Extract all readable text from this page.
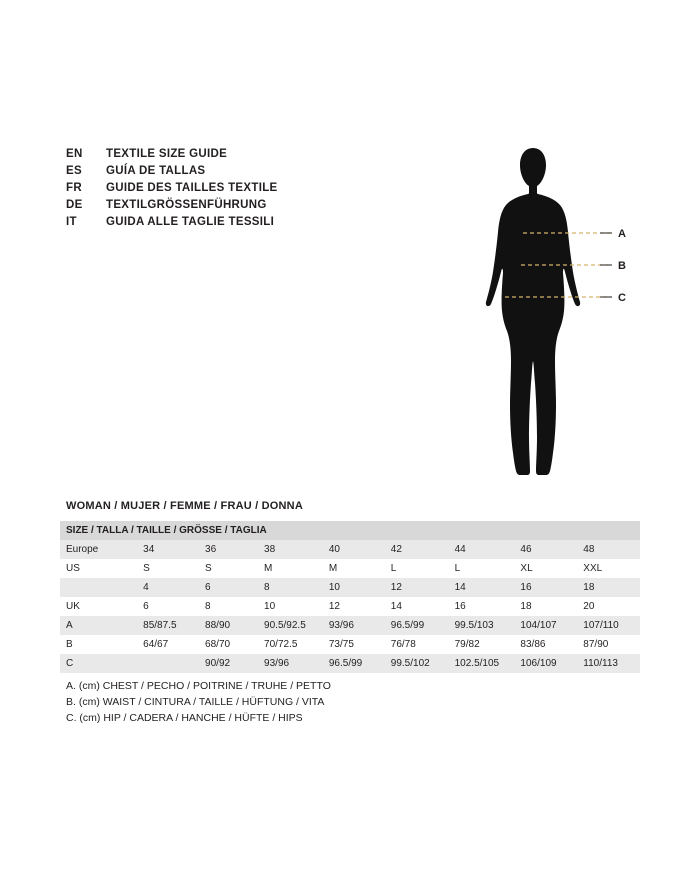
EN	TEXTILE SIZE GUIDE
ES	GUÍA DE TALLAS
FR	GUIDE DES TAILLES TEXTILE
DE	TEXTILGRÖSSENFÜHRUNG
IT	GUIDA ALLE TAGLIE TESSILI
A
B
C
WOMAN / MUJER / FEMME / FRAU / DONNA
SIZE / TALLA / TAILLE / GRÖSSE / TAGLIA								
Europe	34	36	38	40	42	44	46	48
US	S	S	M	M	L	L	XL	XXL
	4	6	8	10	12	14	16	18
UK	6	8	10	12	14	16	18	20
A	85/87.5	88/90	90.5/92.5	93/96	96.5/99	99.5/103	104/107	107/110
B	64/67	68/70	70/72.5	73/75	76/78	79/82	83/86	87/90
C		90/92	93/96	96.5/99	99.5/102	102.5/105	106/109	110/113
A. (cm) CHEST / PECHO / POITRINE / TRUHE / PETTO
B. (cm) WAIST / CINTURA / TAILLE / HÜFTUNG / VITA
C. (cm) HIP / CADERA / HANCHE / HÜFTE / HIPS
